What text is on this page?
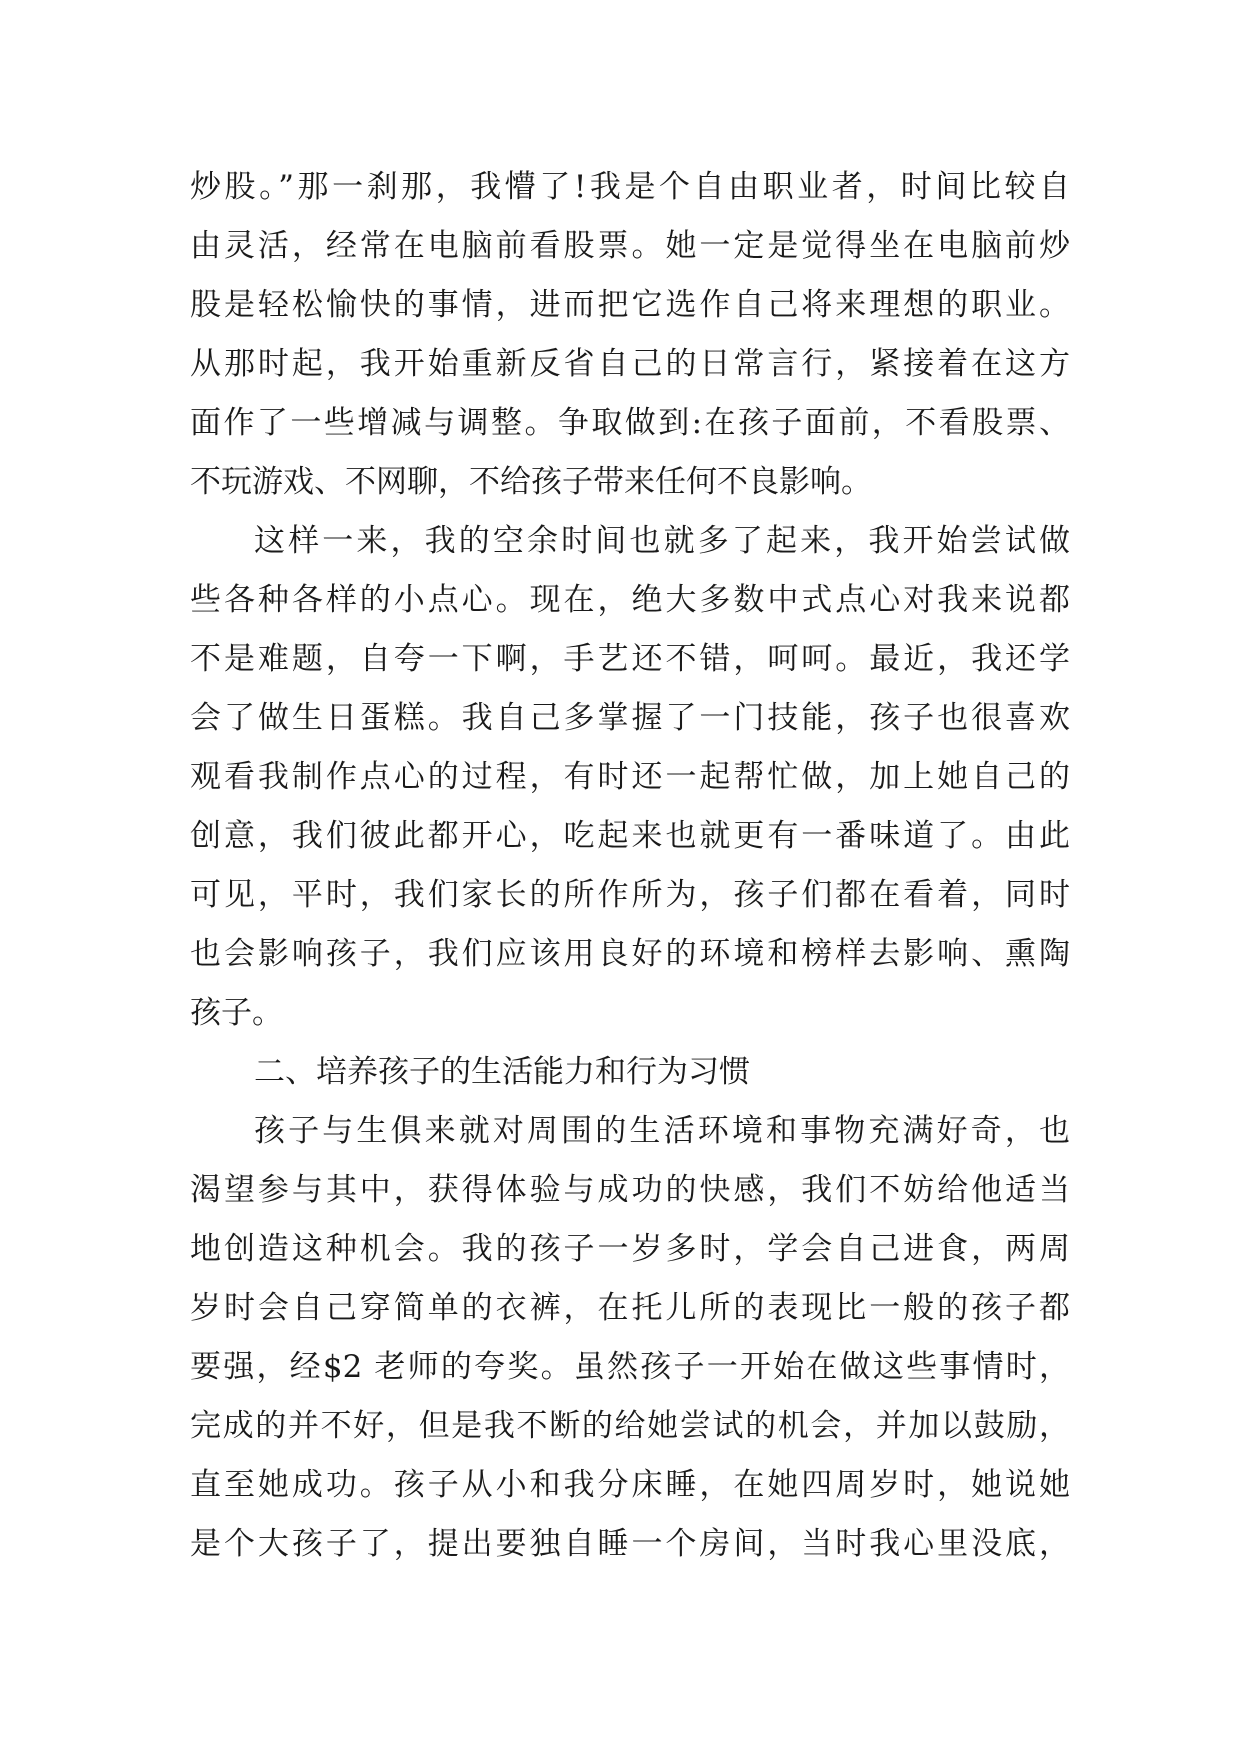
炒股。”那一刹那，我懵了!我是个自由职业者，时间比较自
由灵活，经常在电脑前看股票。她一定是觉得坐在电脑前炒
股是轻松愉快的事情，进而把它选作自己将来理想的职业。
从那时起，我开始重新反省自己的日常言行，紧接着在这方
面作了一些增减与调整。争取做到:在孩子面前，不看股票、
不玩游戏、不网聊，不给孩子带来任何不良影响。
这样一来，我的空余时间也就多了起来，我开始尝试做
些各种各样的小点心。现在，绝大多数中式点心对我来说都
不是难题，自夸一下啊，手艺还不错，呵呵。最近，我还学
会了做生日蛋糕。我自己多掌握了一门技能，孩子也很喜欢
观看我制作点心的过程，有时还一起帮忙做，加上她自己的
创意，我们彼此都开心，吃起来也就更有一番味道了。由此
可见，平时，我们家长的所作所为，孩子们都在看着，同时
也会影响孩子，我们应该用良好的环境和榜样去影响、熏陶
孩子。
二、培养孩子的生活能力和行为习惯
孩子与生俱来就对周围的生活环境和事物充满好奇，也
渴望参与其中，获得体验与成功的快感，我们不妨给他适当
地创造这种机会。我的孩子一岁多时，学会自己进食，两周
岁时会自己穿简单的衣裤，在托儿所的表现比一般的孩子都
要强，经$2 老师的夸奖。虽然孩子一开始在做这些事情时，
完成的并不好，但是我不断的给她尝试的机会，并加以鼓励，
直至她成功。孩子从小和我分床睡，在她四周岁时，她说她
是个大孩子了，提出要独自睡一个房间，当时我心里没底，
